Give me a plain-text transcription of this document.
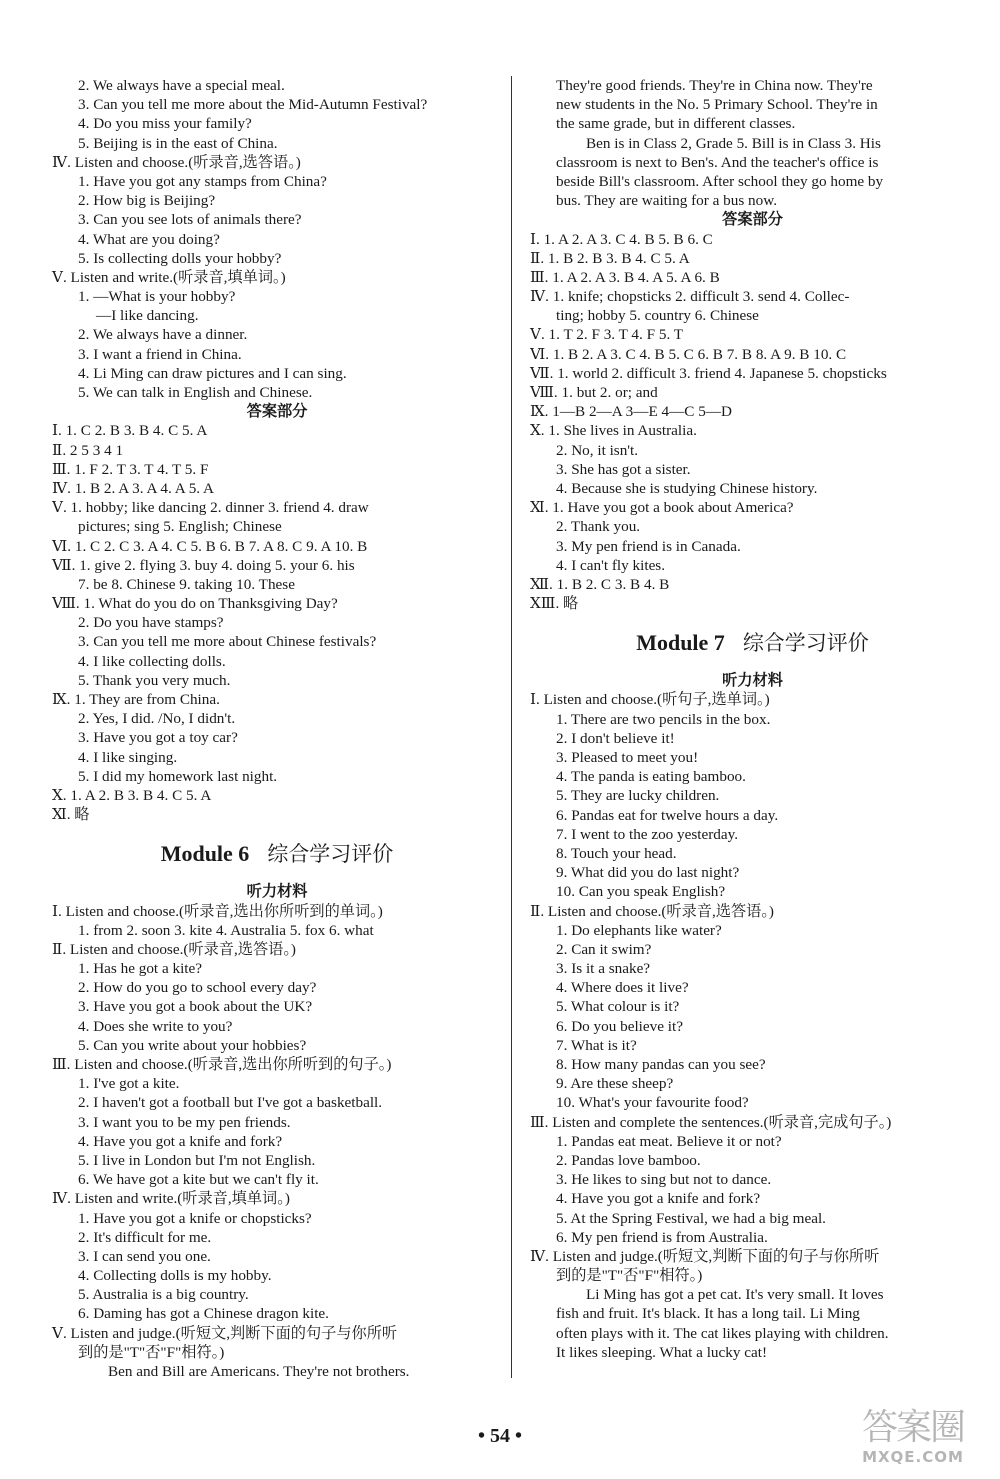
2. We always have a special meal.
3. Can you tell me more about the Mid-Autumn Festival?
4. Do you miss your family?
5. Beijing is in the east of China.
Ⅳ. Listen and choose.(听录音,选答语。)
1. Have you got any stamps from China?
2. How big is Beijing?
3. Can you see lots of animals there?
4. What are you doing?
5. Is collecting dolls your hobby?
Ⅴ. Listen and write.(听录音,填单词。)
1. —What is your hobby?
—I like dancing.
2. We always have a dinner.
3. I want a friend in China.
4. Li Ming can draw pictures and I can sing.
5. We can talk in English and Chinese.
答案部分
Ⅰ. 1. C 2. B 3. B 4. C 5. A
Ⅱ. 2 5 3 4 1
Ⅲ. 1. F 2. T 3. T 4. T 5. F
Ⅳ. 1. B 2. A 3. A 4. A 5. A
Ⅴ. 1. hobby; like dancing 2. dinner 3. friend 4. draw
pictures; sing 5. English; Chinese
Ⅵ. 1. C 2. C 3. A 4. C 5. B 6. B 7. A 8. C 9. A 10. B
Ⅶ. 1. give 2. flying 3. buy 4. doing 5. your 6. his
7. be 8. Chinese 9. taking 10. These
Ⅷ. 1. What do you do on Thanksgiving Day?
2. Do you have stamps?
3. Can you tell me more about Chinese festivals?
4. I like collecting dolls.
5. Thank you very much.
Ⅸ. 1. They are from China.
2. Yes, I did. /No, I didn't.
3. Have you got a toy car?
4. I like singing.
5. I did my homework last night.
Ⅹ. 1. A 2. B 3. B 4. C 5. A
Ⅺ. 略
Module 6 综合学习评价
听力材料
Ⅰ. Listen and choose.(听录音,选出你所听到的单词。)
1. from 2. soon 3. kite 4. Australia 5. fox 6. what
Ⅱ. Listen and choose.(听录音,选答语。)
1. Has he got a kite?
2. How do you go to school every day?
3. Have you got a book about the UK?
4. Does she write to you?
5. Can you write about your hobbies?
Ⅲ. Listen and choose.(听录音,选出你所听到的句子。)
1. I've got a kite.
2. I haven't got a football but I've got a basketball.
3. I want you to be my pen friends.
4. Have you got a knife and fork?
5. I live in London but I'm not English.
6. We have got a kite but we can't fly it.
Ⅳ. Listen and write.(听录音,填单词。)
1. Have you got a knife or chopsticks?
2. It's difficult for me.
3. I can send you one.
4. Collecting dolls is my hobby.
5. Australia is a big country.
6. Daming has got a Chinese dragon kite.
Ⅴ. Listen and judge.(听短文,判断下面的句子与你所听
到的是"T"否"F"相符。)
Ben and Bill are Americans. They're not brothers.
They're good friends. They're in China now. They're
new students in the No. 5 Primary School. They're in
the same grade, but in different classes.
Ben is in Class 2, Grade 5. Bill is in Class 3. His
classroom is next to Ben's. And the teacher's office is
beside Bill's classroom. After school they go home by
bus. They are waiting for a bus now.
答案部分
Ⅰ. 1. A 2. A 3. C 4. B 5. B 6. C
Ⅱ. 1. B 2. B 3. B 4. C 5. A
Ⅲ. 1. A 2. A 3. B 4. A 5. A 6. B
Ⅳ. 1. knife; chopsticks 2. difficult 3. send 4. Collec-
ting; hobby 5. country 6. Chinese
Ⅴ. 1. T 2. F 3. T 4. F 5. T
Ⅵ. 1. B 2. A 3. C 4. B 5. C 6. B 7. B 8. A 9. B 10. C
Ⅶ. 1. world 2. difficult 3. friend 4. Japanese 5. chopsticks
Ⅷ. 1. but 2. or; and
Ⅸ. 1—B 2—A 3—E 4—C 5—D
Ⅹ. 1. She lives in Australia.
2. No, it isn't.
3. She has got a sister.
4. Because she is studying Chinese history.
Ⅺ. 1. Have you got a book about America?
2. Thank you.
3. My pen friend is in Canada.
4. I can't fly kites.
Ⅻ. 1. B 2. C 3. B 4. B
ⅩⅢ. 略
Module 7 综合学习评价
听力材料
Ⅰ. Listen and choose.(听句子,选单词。)
1. There are two pencils in the box.
2. I don't believe it!
3. Pleased to meet you!
4. The panda is eating bamboo.
5. They are lucky children.
6. Pandas eat for twelve hours a day.
7. I went to the zoo yesterday.
8. Touch your head.
9. What did you do last night?
10. Can you speak English?
Ⅱ. Listen and choose.(听录音,选答语。)
1. Do elephants like water?
2. Can it swim?
3. Is it a snake?
4. Where does it live?
5. What colour is it?
6. Do you believe it?
7. What is it?
8. How many pandas can you see?
9. Are these sheep?
10. What's your favourite food?
Ⅲ. Listen and complete the sentences.(听录音,完成句子。)
1. Pandas eat meat. Believe it or not?
2. Pandas love bamboo.
3. He likes to sing but not to dance.
4. Have you got a knife and fork?
5. At the Spring Festival, we had a big meal.
6. My pen friend is from Australia.
Ⅳ. Listen and judge.(听短文,判断下面的句子与你所听
到的是"T"否"F"相符。)
Li Ming has got a pet cat. It's very small. It loves
fish and fruit. It's black. It has a long tail. Li Ming
often plays with it. The cat likes playing with children.
It likes sleeping. What a lucky cat!
• 54 •	答案圈
MXQE.COM
